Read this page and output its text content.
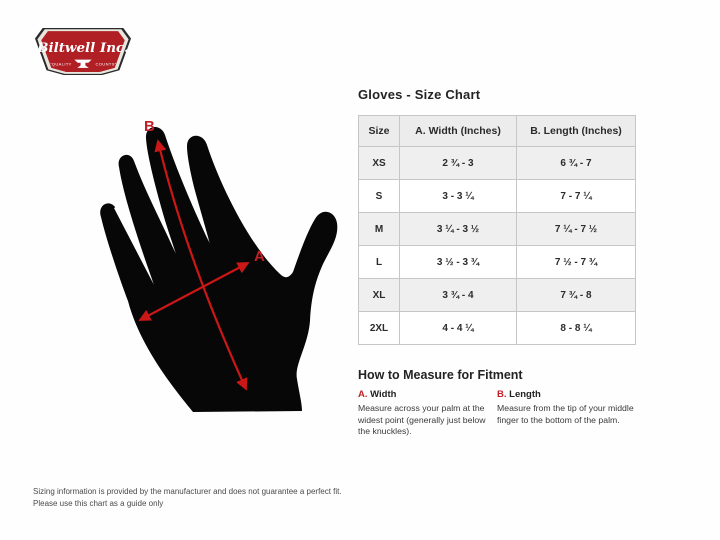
Biltwell Inc.
"QUALITY	COUNTS"
B
A
Gloves - Size Chart
Size	A. Width (Inches)	B. Length (Inches)
XS	2 ¾ - 3	6 ¾ - 7
S	3 - 3 ¼	7 - 7 ¼
M	3 ¼ - 3 ½	7 ¼ - 7 ½
L	3 ½ - 3 ¾	7 ½ - 7 ¾
XL	3 ¾ - 4	7 ¾ - 8
2XL	4 - 4 ¼	8 - 8 ¼
How to Measure for Fitment
A. Width
Measure across your palm at the widest point (generally just below the knuckles).
B. Length
Measure from the tip of your middle finger to the bottom of the palm.
Sizing information is provided by the manufacturer and does not guarantee a perfect fit.
Please use this chart as a guide only
